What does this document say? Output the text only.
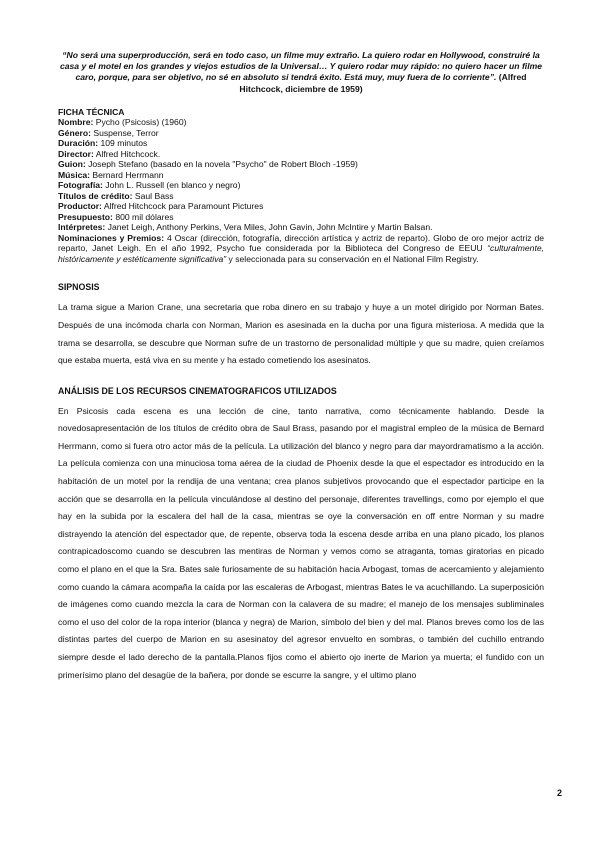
“No será una superproducción, será en todo caso, un filme muy extraño. La quiero rodar en Hollywood, construiré la casa y el motel en los grandes y viejos estudios de la Universal… Y quiero rodar muy rápido: no quiero hacer un filme caro, porque, para ser objetivo, no sé en absoluto si tendrá éxito. Está muy, muy fuera de lo corriente”. (Alfred Hitchcock, diciembre de 1959)

FICHA TÉCNICA
Nombre: Pycho (Psicosis) (1960)
Género: Suspense, Terror
Duración: 109 minutos
Director: Alfred Hitchcock.
Guion: Joseph Stefano (basado en la novela "Psycho" de Robert Bloch -1959)
Música: Bernard Herrmann
Fotografía: John L. Russell (en blanco y negro)
Títulos de crédito: Saul Bass
Productor: Alfred Hitchcock para Paramount Pictures
Presupuesto: 800 mil dólares
Intérpretes: Janet Leigh, Anthony Perkins, Vera Miles, John Gavin, John McIntire y Martin Balsan.
Nominaciones y Premios: 4 Oscar (dirección, fotografía, dirección artística y actriz de reparto). Globo de oro mejor actriz de reparto, Janet Leigh. En el año 1992, Psycho fue considerada por la Biblioteca del Congreso de EEUU “culturalmente, históricamente y estéticamente significativa” y seleccionada para su conservación en el National Film Registry.
SIPNOSIS

La trama sigue a Marion Crane, una secretaria que roba dinero en su trabajo y huye a un motel dirigido por Norman Bates. Después de una incómoda charla con Norman, Marion es asesinada en la ducha por una figura misteriosa. A medida que la trama se desarrolla, se descubre que Norman sufre de un trastorno de personalidad múltiple y que su madre, quien creíamos que estaba muerta, está viva en su mente y ha estado cometiendo los asesinatos.

ANÁLISIS DE LOS RECURSOS CINEMATOGRAFICOS UTILIZADOS

En Psicosis cada escena es una lección de cine, tanto narrativa, como técnicamente hablando. Desde la novedosapresentación de los títulos de crédito obra de Saul Brass, pasando por el magistral empleo de la música de Bernard Herrmann, como si fuera otro actor más de la película. La utilización del blanco y negro para dar mayordramatismo a la acción. La película comienza con una minuciosa toma aérea de la ciudad de Phoenix desde la que el espectador es introducido en la habitación de un motel por la rendija de una ventana; crea planos subjetivos provocando que el espectador participe en la acción que se desarrolla en la película vinculándose al destino del personaje, diferentes travellings, como por ejemplo el que hay en la subida por la escalera del hall de la casa, mientras se oye la conversación en off entre Norman y su madre distrayendo la atención del espectador que, de repente, observa toda la escena desde arriba en una plano picado, los planos contrapicadoscomo cuando se descubren las mentiras de Norman y vemos como se atraganta, tomas giratorias en picado como el plano en el que la Sra. Bates sale furiosamente de su habitación hacia Arbogast, tomas de acercamiento y alejamiento como cuando la cámara acompaña la caída por las escaleras de Arbogast, mientras Bates le va acuchillando. La superposición de imágenes como cuando mezcla la cara de Norman con la calavera de su madre; el manejo de los mensajes subliminales como el uso del color de la ropa interior (blanca y negra) de Marion, símbolo del bien y del mal. Planos breves como los de las distintas partes del cuerpo de Marion en su asesinatoy del agresor envuelto en sombras, o también del cuchillo entrando siempre desde el lado derecho de la pantalla.Planos fijos como el abierto ojo inerte de Marion ya muerta; el fundido con un primerísimo plano del desagüe de la bañera, por donde se escurre la sangre, y el ultimo plano

2
